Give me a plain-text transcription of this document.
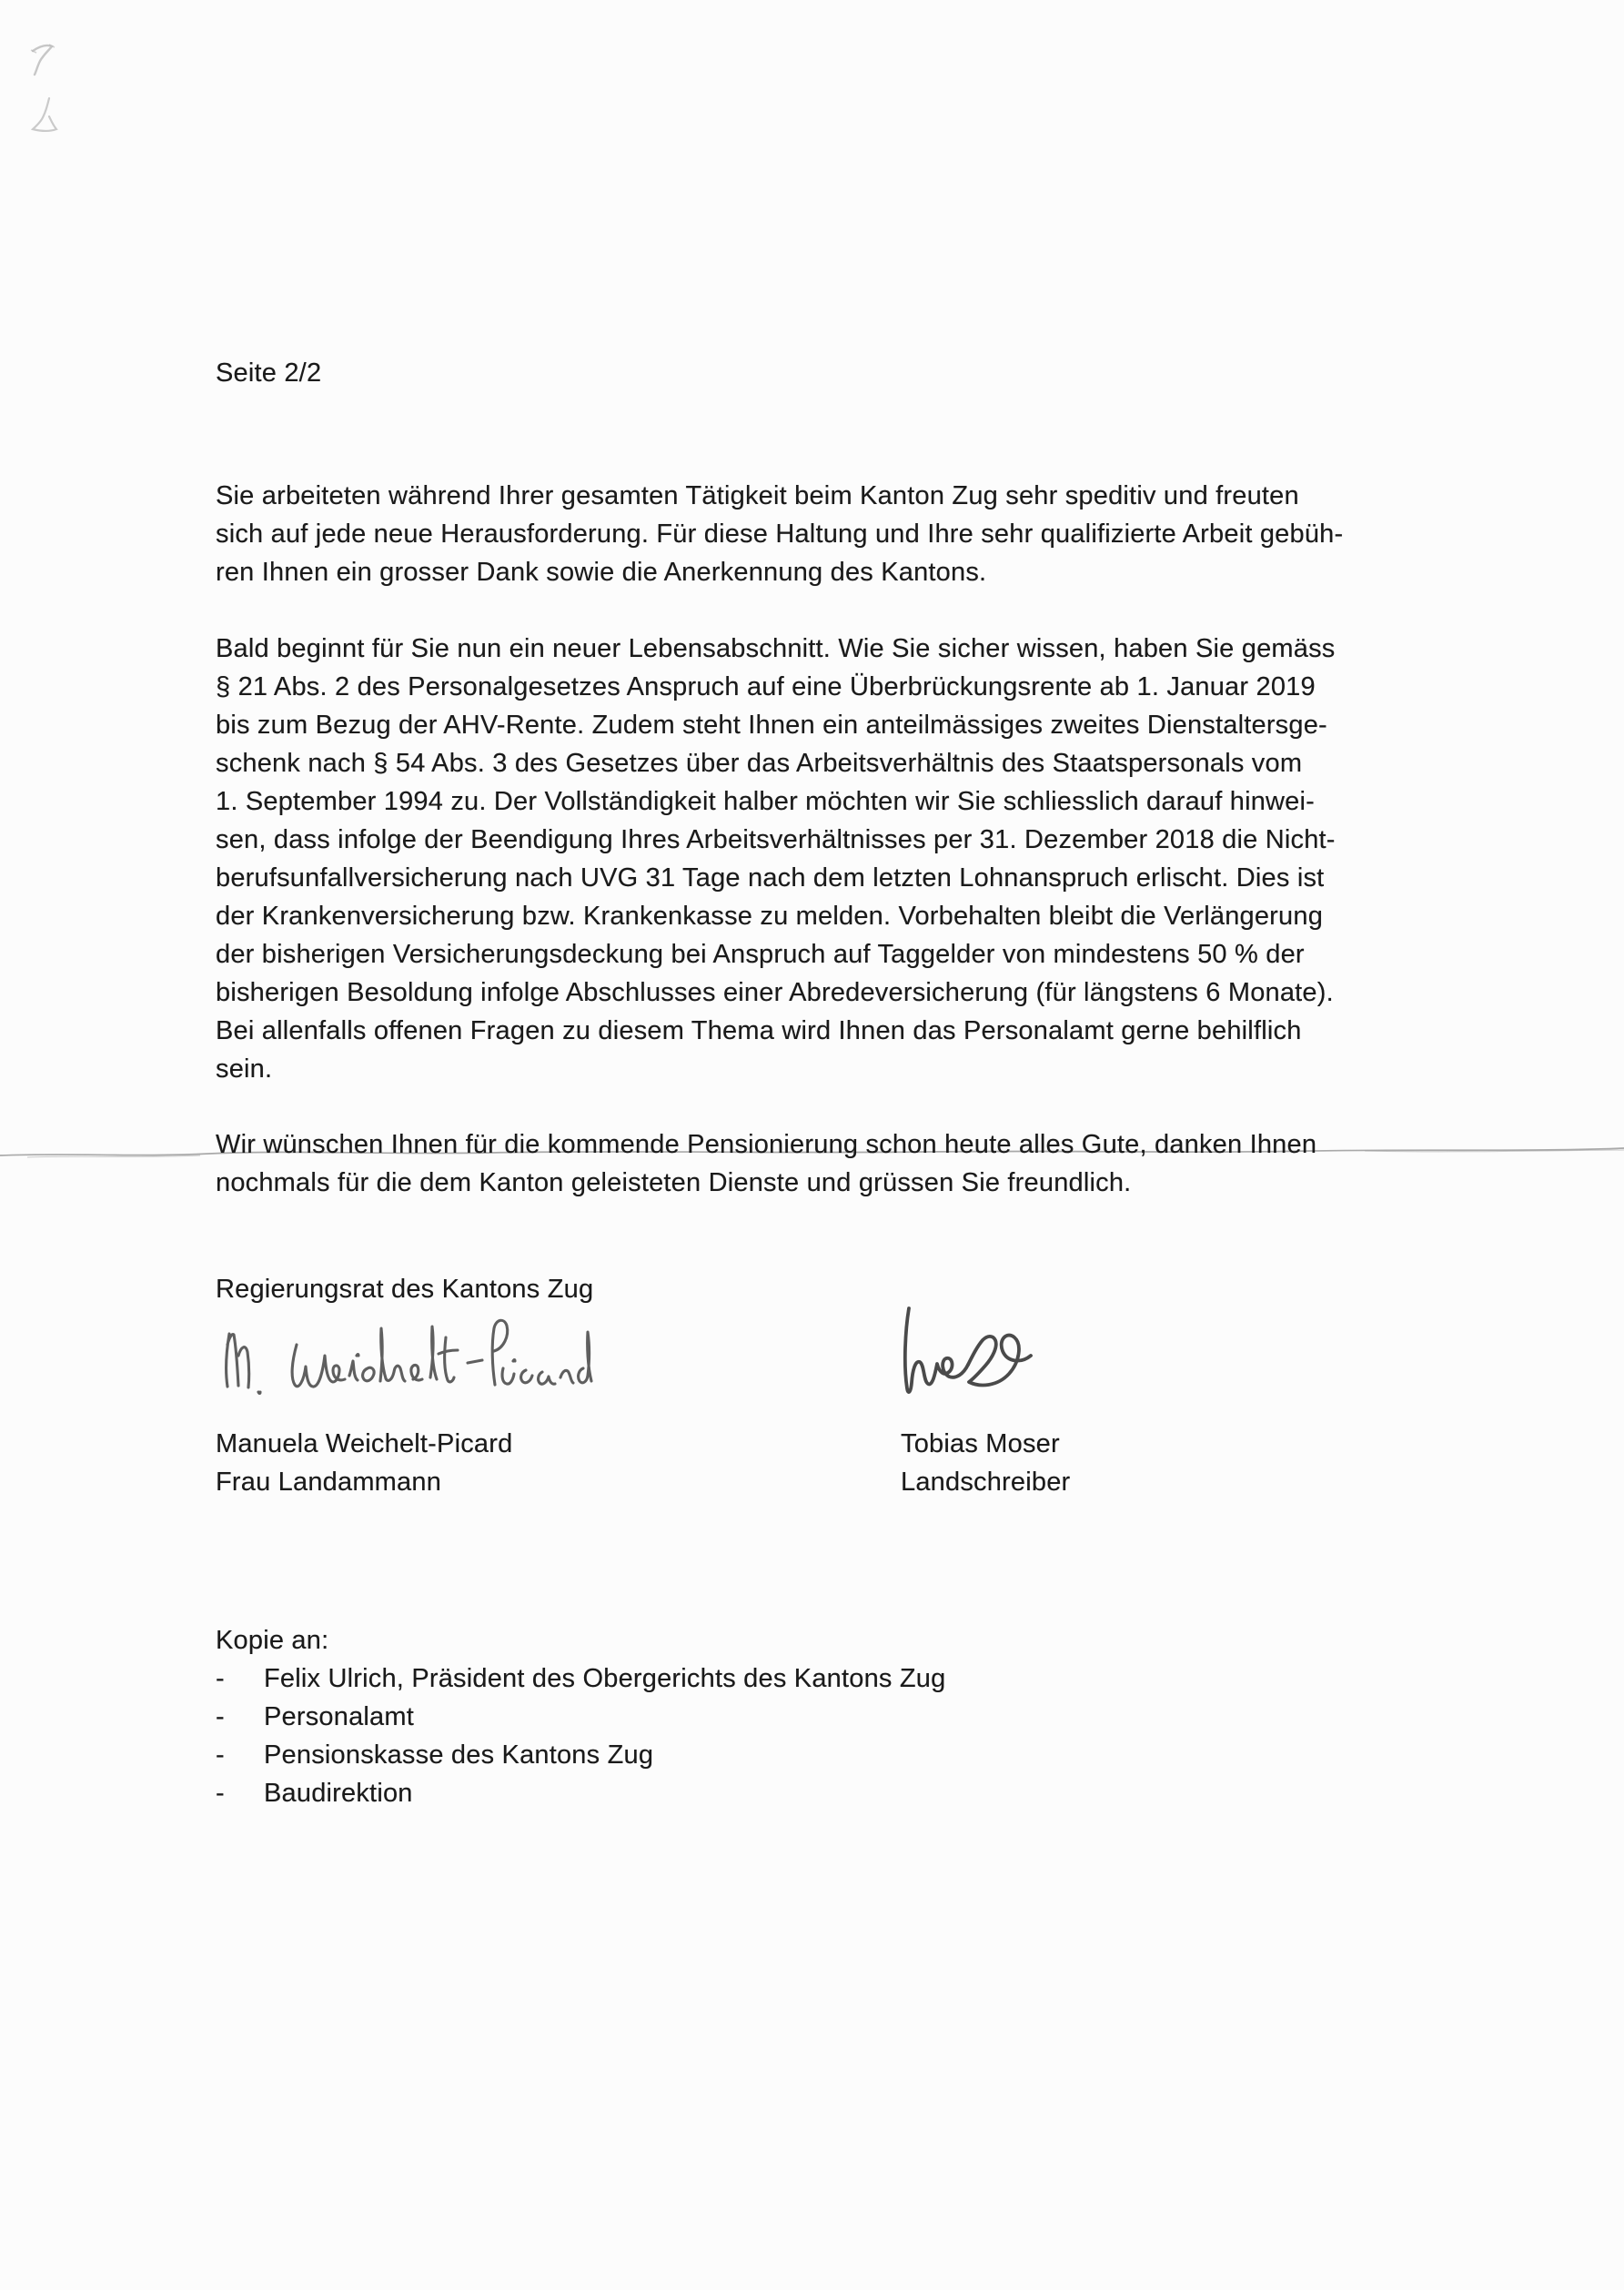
Seite 2/2
Sie arbeiteten während Ihrer gesamten Tätigkeit beim Kanton Zug sehr speditiv und freuten
sich auf jede neue Herausforderung. Für diese Haltung und Ihre sehr qualifizierte Arbeit gebüh-
ren Ihnen ein grosser Dank sowie die Anerkennung des Kantons.
Bald beginnt für Sie nun ein neuer Lebensabschnitt. Wie Sie sicher wissen, haben Sie gemäss
§ 21 Abs. 2 des Personalgesetzes Anspruch auf eine Überbrückungsrente ab 1. Januar 2019
bis zum Bezug der AHV-Rente. Zudem steht Ihnen ein anteilmässiges zweites Dienstaltersge-
schenk nach § 54 Abs. 3 des Gesetzes über das Arbeitsverhältnis des Staatspersonals vom
1. September 1994 zu. Der Vollständigkeit halber möchten wir Sie schliesslich darauf hinwei-
sen, dass infolge der Beendigung Ihres Arbeitsverhältnisses per 31. Dezember 2018 die Nicht-
berufsunfallversicherung nach UVG 31 Tage nach dem letzten Lohnanspruch erlischt. Dies ist
der Krankenversicherung bzw. Krankenkasse zu melden. Vorbehalten bleibt die Verlängerung
der bisherigen Versicherungsdeckung bei Anspruch auf Taggelder von mindestens 50 % der
bisherigen Besoldung infolge Abschlusses einer Abredeversicherung (für längstens 6 Monate).
Bei allenfalls offenen Fragen zu diesem Thema wird Ihnen das Personalamt gerne behilflich
sein.
Wir wünschen Ihnen für die kommende Pensionierung schon heute alles Gute, danken Ihnen
nochmals für die dem Kanton geleisteten Dienste und grüssen Sie freundlich.
Regierungsrat des Kantons Zug
Manuela Weichelt-Picard
Frau Landammann
Tobias Moser
Landschreiber
Kopie an:
-	Felix Ulrich, Präsident des Obergerichts des Kantons Zug
-	Personalamt
-	Pensionskasse des Kantons Zug
-	Baudirektion
